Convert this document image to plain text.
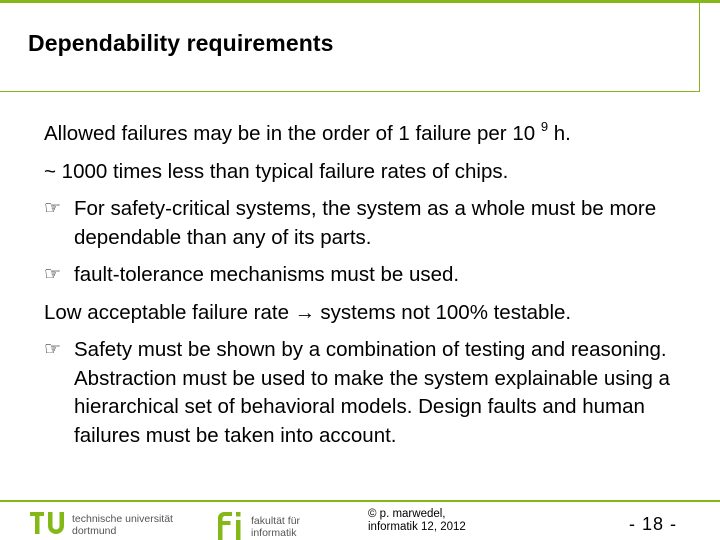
Dependability requirements
Allowed failures may be in the order of 1 failure per 10 $^9$ h.
~ 1000 times less than typical failure rates of chips.
☞ For safety-critical systems, the system as a whole must be more dependable than any of its parts.
☞ fault-tolerance mechanisms must be used.
Low acceptable failure rate → systems not 100% testable.
☞ Safety must be shown by a combination of testing and reasoning. Abstraction must be used to make the system explainable using a hierarchical set of behavioral models. Design faults and human failures must be taken into account.
technische universität
dortmund
fakultät für
informatik
© p. marwedel,
informatik 12, 2012	- 18 -
